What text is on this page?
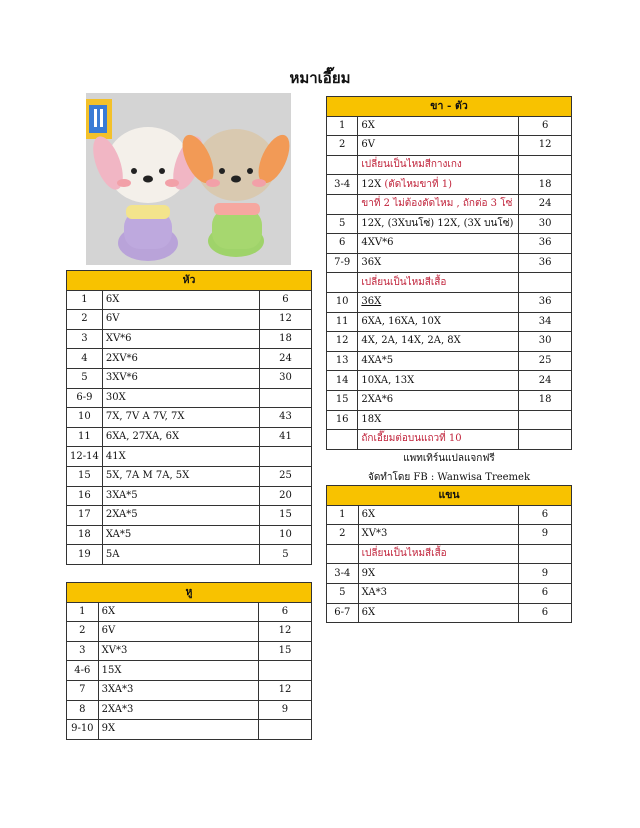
หมาเอี๊ยม
หัว		
1	6X	6
2	6V	12
3	XV*6	18
4	2XV*6	24
5	3XV*6	30
6-9	30X	
10	7X, 7V A 7V, 7X	43
11	6XA, 27XA, 6X	41
12-14	41X	
15	5X, 7A M 7A, 5X	25
16	3XA*5	20
17	2XA*5	15
18	XA*5	10
19	5A	5
หู		
1	6X	6
2	6V	12
3	XV*3	15
4-6	15X	
7	3XA*3	12
8	2XA*3	9
9-10	9X	
ขา - ตัว		
1	6X	6
2	6V	12
	เปลี่ยนเป็นไหมสีกางเกง	
3-4	12X (ตัดไหมขาที่ 1)	18
	ขาที่ 2 ไม่ต้องตัดไหม , ถักต่อ 3 โซ่	24
5	12X, (3Xบนโซ่) 12X, (3X บนโซ่)	30
6	4XV*6	36
7-9	36X	36
	เปลี่ยนเป็นไหมสีเสื้อ	
10	36X	36
11	6XA, 16XA, 10X	34
12	4X, 2A, 14X, 2A, 8X	30
13	4XA*5	25
14	10XA, 13X	24
15	2XA*6	18
16	18X	
	ถักเอี๊ยมต่อบนแถวที่ 10	
แพทเทิร์นแปลแจกฟรี
จัดทำโดย FB : Wanwisa Treemek
แขน		
1	6X	6
2	XV*3	9
	เปลี่ยนเป็นไหมสีเสื้อ	
3-4	9X	9
5	XA*3	6
6-7	6X	6
